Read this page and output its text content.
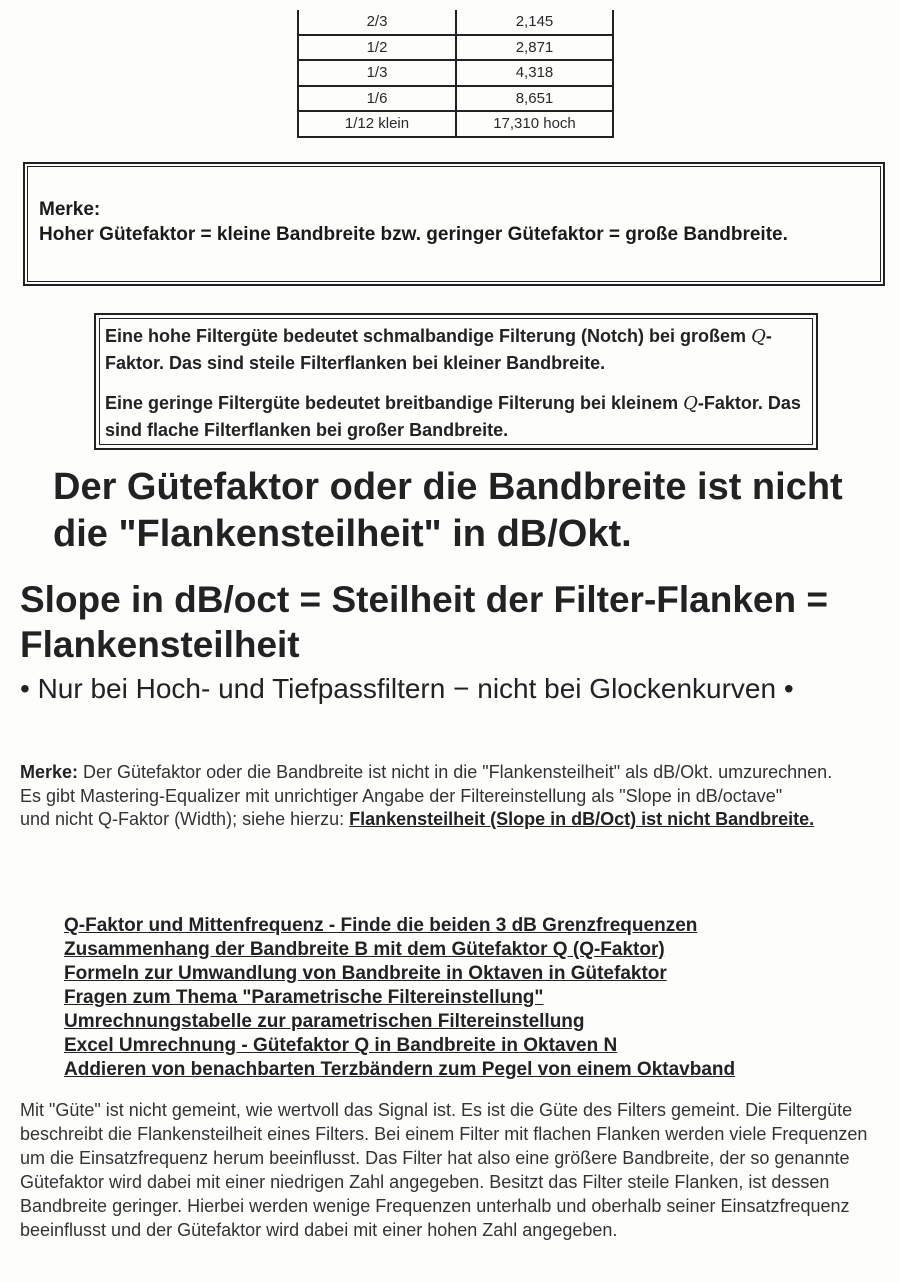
2/3	2,145
1/2	2,871
1/3	4,318
1/6	8,651
1/12 klein	17,310 hoch
Merke:
Hoher Gütefaktor = kleine Bandbreite bzw. geringer Gütefaktor = große Bandbreite.
Eine hohe Filtergüte bedeutet schmalbandige Filterung (Notch) bei großem Q-Faktor. Das sind steile Filterflanken bei kleiner Bandbreite.
Eine geringe Filtergüte bedeutet breitbandige Filterung bei kleinem Q-Faktor. Das sind flache Filterflanken bei großer Bandbreite.
Der Gütefaktor oder die Bandbreite ist nicht die "Flankensteilheit" in dB/Okt.
Slope in dB/oct = Steilheit der Filter-Flanken = Flankensteilheit
• Nur bei Hoch- und Tiefpassfiltern − nicht bei Glockenkurven •
Merke: Der Gütefaktor oder die Bandbreite ist nicht in die "Flankensteilheit" als dB/Okt. umzurechnen.
Es gibt Mastering-Equalizer mit unrichtiger Angabe der Filtereinstellung als "Slope in dB/octave"
und nicht Q-Faktor (Width); siehe hierzu: Flankensteilheit (Slope in dB/Oct) ist nicht Bandbreite.
Q-Faktor und Mittenfrequenz - Finde die beiden 3 dB Grenzfrequenzen
Zusammenhang der Bandbreite B mit dem Gütefaktor Q (Q-Faktor)
Formeln zur Umwandlung von Bandbreite in Oktaven in Gütefaktor
Fragen zum Thema "Parametrische Filtereinstellung"
Umrechnungstabelle zur parametrischen Filtereinstellung
Excel Umrechnung - Gütefaktor Q in Bandbreite in Oktaven N
Addieren von benachbarten Terzbändern zum Pegel von einem Oktavband
Mit "Güte" ist nicht gemeint, wie wertvoll das Signal ist. Es ist die Güte des Filters gemeint. Die Filtergüte beschreibt die Flankensteilheit eines Filters. Bei einem Filter mit flachen Flanken werden viele Frequenzen um die Einsatzfrequenz herum beeinflusst. Das Filter hat also eine größere Bandbreite, der so genannte Gütefaktor wird dabei mit einer niedrigen Zahl angegeben. Besitzt das Filter steile Flanken, ist dessen Bandbreite geringer. Hierbei werden wenige Frequenzen unterhalb und oberhalb seiner Einsatzfrequenz beeinflusst und der Gütefaktor wird dabei mit einer hohen Zahl angegeben.
